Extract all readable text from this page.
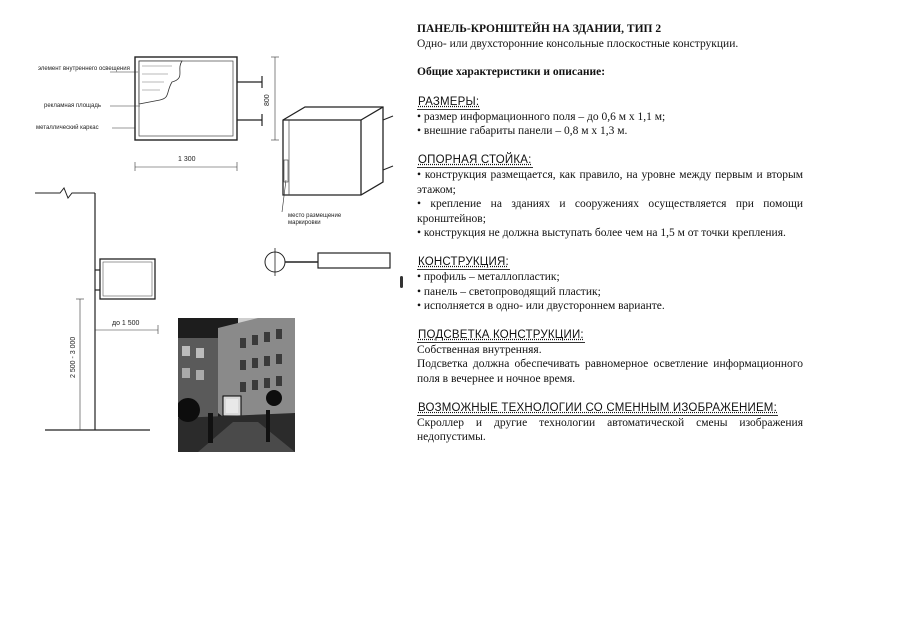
элемент внутреннего освещения
рекламная площадь
металлический каркас
1 300
800
место размещение маркировки
до 1 500
2 500 - 3 000

ПАНЕЛЬ-КРОНШТЕЙН НА ЗДАНИИ, ТИП 2

Одно- или двухсторонние консольные плоскостные конструкции.

Общие характеристики и описание:

РАЗМЕРЫ:

• размер информационного поля – до 0,6 м х 1,1 м;

• внешние габариты панели – 0,8 м х 1,3 м.

ОПОРНАЯ СТОЙКА:

• конструкция размещается, как правило, на уровне между первым и вторым этажом;

• крепление на зданиях и сооружениях осуществляется при помощи кронштейнов;

• конструкция не должна выступать более чем на 1,5 м от точки крепления.

КОНСТРУКЦИЯ:

• профиль – металлопластик;

• панель – светопроводящий пластик;

• исполняется в одно- или двустороннем варианте.

ПОДСВЕТКА КОНСТРУКЦИИ:

Собственная внутренняя.

Подсветка должна обеспечивать равномерное осветление информационного поля в вечернее и ночное время.

ВОЗМОЖНЫЕ ТЕХНОЛОГИИ СО СМЕННЫМ ИЗОБРАЖЕНИЕМ:

Скроллер и другие технологии автоматической смены изображения недопустимы.
